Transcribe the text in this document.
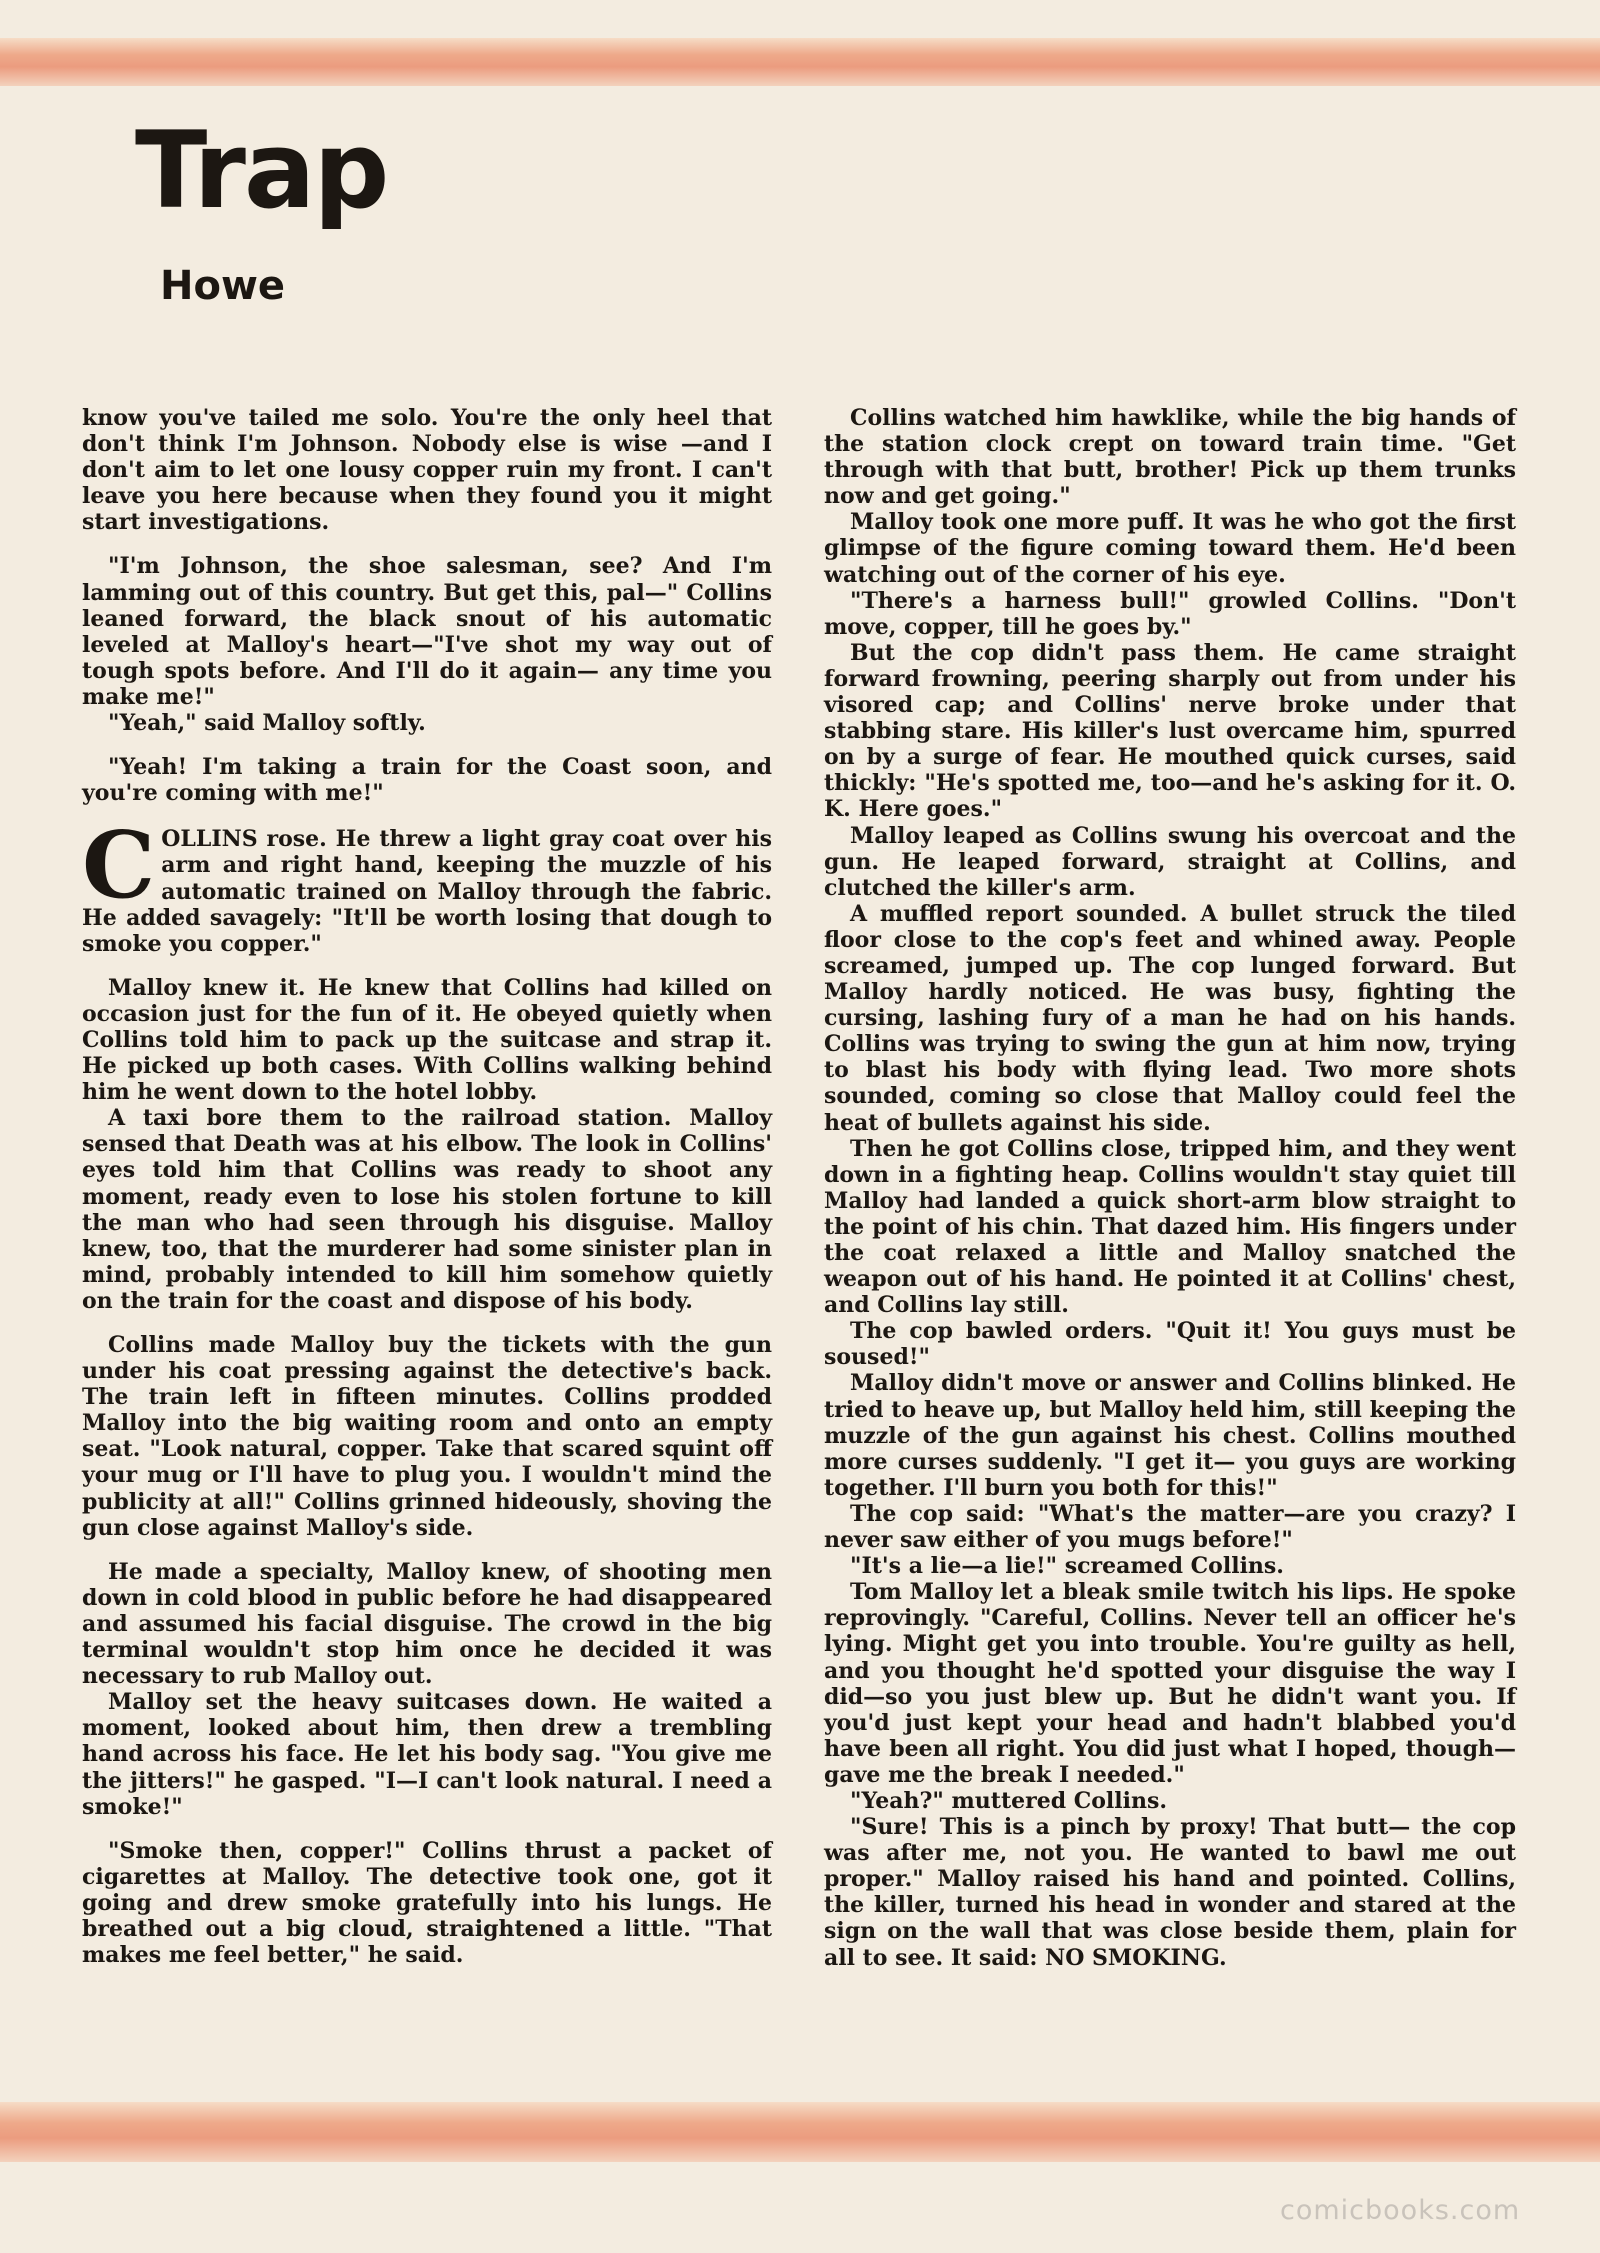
Trap
Howe

know you've tailed me solo. You're the only heel that don't think I'm Johnson. Nobody else is wise —and I don't aim to let one lousy copper ruin my front. I can't leave you here because when they found you it might start investigations.

"I'm Johnson, the shoe salesman, see? And I'm lamming out of this country. But get this, pal—" Collins leaned forward, the black snout of his automatic leveled at Malloy's heart—"I've shot my way out of tough spots before. And I'll do it again— any time you make me!"

"Yeah," said Malloy softly.

"Yeah! I'm taking a train for the Coast soon, and you're coming with me!"

COLLINS rose. He threw a light gray coat over his arm and right hand, keeping the muzzle of his automatic trained on Malloy through the fabric. He added savagely: "It'll be worth losing that dough to smoke you copper."

Malloy knew it. He knew that Collins had killed on occasion just for the fun of it. He obeyed quietly when Collins told him to pack up the suitcase and strap it. He picked up both cases. With Collins walking behind him he went down to the hotel lobby.

A taxi bore them to the railroad station. Malloy sensed that Death was at his elbow. The look in Collins' eyes told him that Collins was ready to shoot any moment, ready even to lose his stolen fortune to kill the man who had seen through his disguise. Malloy knew, too, that the murderer had some sinister plan in mind, probably intended to kill him somehow quietly on the train for the coast and dispose of his body.

Collins made Malloy buy the tickets with the gun under his coat pressing against the detective's back. The train left in fifteen minutes. Collins prodded Malloy into the big waiting room and onto an empty seat. "Look natural, copper. Take that scared squint off your mug or I'll have to plug you. I wouldn't mind the publicity at all!" Collins grinned hideously, shoving the gun close against Malloy's side.

He made a specialty, Malloy knew, of shooting men down in cold blood in public before he had disappeared and assumed his facial disguise. The crowd in the big terminal wouldn't stop him once he decided it was necessary to rub Malloy out.

Malloy set the heavy suitcases down. He waited a moment, looked about him, then drew a trembling hand across his face. He let his body sag. "You give me the jitters!" he gasped. "I—I can't look natural. I need a smoke!"

"Smoke then, copper!" Collins thrust a packet of cigarettes at Malloy. The detective took one, got it going and drew smoke gratefully into his lungs. He breathed out a big cloud, straightened a little. "That makes me feel better," he said.

Collins watched him hawklike, while the big hands of the station clock crept on toward train time. "Get through with that butt, brother! Pick up them trunks now and get going."

Malloy took one more puff. It was he who got the first glimpse of the figure coming toward them. He'd been watching out of the corner of his eye.

"There's a harness bull!" growled Collins. "Don't move, copper, till he goes by."

But the cop didn't pass them. He came straight forward frowning, peering sharply out from under his visored cap; and Collins' nerve broke under that stabbing stare. His killer's lust overcame him, spurred on by a surge of fear. He mouthed quick curses, said thickly: "He's spotted me, too—and he's asking for it. O. K. Here goes."

Malloy leaped as Collins swung his overcoat and the gun. He leaped forward, straight at Collins, and clutched the killer's arm.

A muffled report sounded. A bullet struck the tiled floor close to the cop's feet and whined away. People screamed, jumped up. The cop lunged forward. But Malloy hardly noticed. He was busy, fighting the cursing, lashing fury of a man he had on his hands. Collins was trying to swing the gun at him now, trying to blast his body with flying lead. Two more shots sounded, coming so close that Malloy could feel the heat of bullets against his side.

Then he got Collins close, tripped him, and they went down in a fighting heap. Collins wouldn't stay quiet till Malloy had landed a quick short-arm blow straight to the point of his chin. That dazed him. His fingers under the coat relaxed a little and Malloy snatched the weapon out of his hand. He pointed it at Collins' chest, and Collins lay still.

The cop bawled orders. "Quit it! You guys must be soused!"

Malloy didn't move or answer and Collins blinked. He tried to heave up, but Malloy held him, still keeping the muzzle of the gun against his chest. Collins mouthed more curses suddenly. "I get it— you guys are working together. I'll burn you both for this!"

The cop said: "What's the matter—are you crazy? I never saw either of you mugs before!"

"It's a lie—a lie!" screamed Collins.

Tom Malloy let a bleak smile twitch his lips. He spoke reprovingly. "Careful, Collins. Never tell an officer he's lying. Might get you into trouble. You're guilty as hell, and you thought he'd spotted your disguise the way I did—so you just blew up. But he didn't want you. If you'd just kept your head and hadn't blabbed you'd have been all right. You did just what I hoped, though—gave me the break I needed."

"Yeah?" muttered Collins.

"Sure! This is a pinch by proxy! That butt— the cop was after me, not you. He wanted to bawl me out proper." Malloy raised his hand and pointed. Collins, the killer, turned his head in wonder and stared at the sign on the wall that was close beside them, plain for all to see. It said: NO SMOKING.

comicbooks.com
